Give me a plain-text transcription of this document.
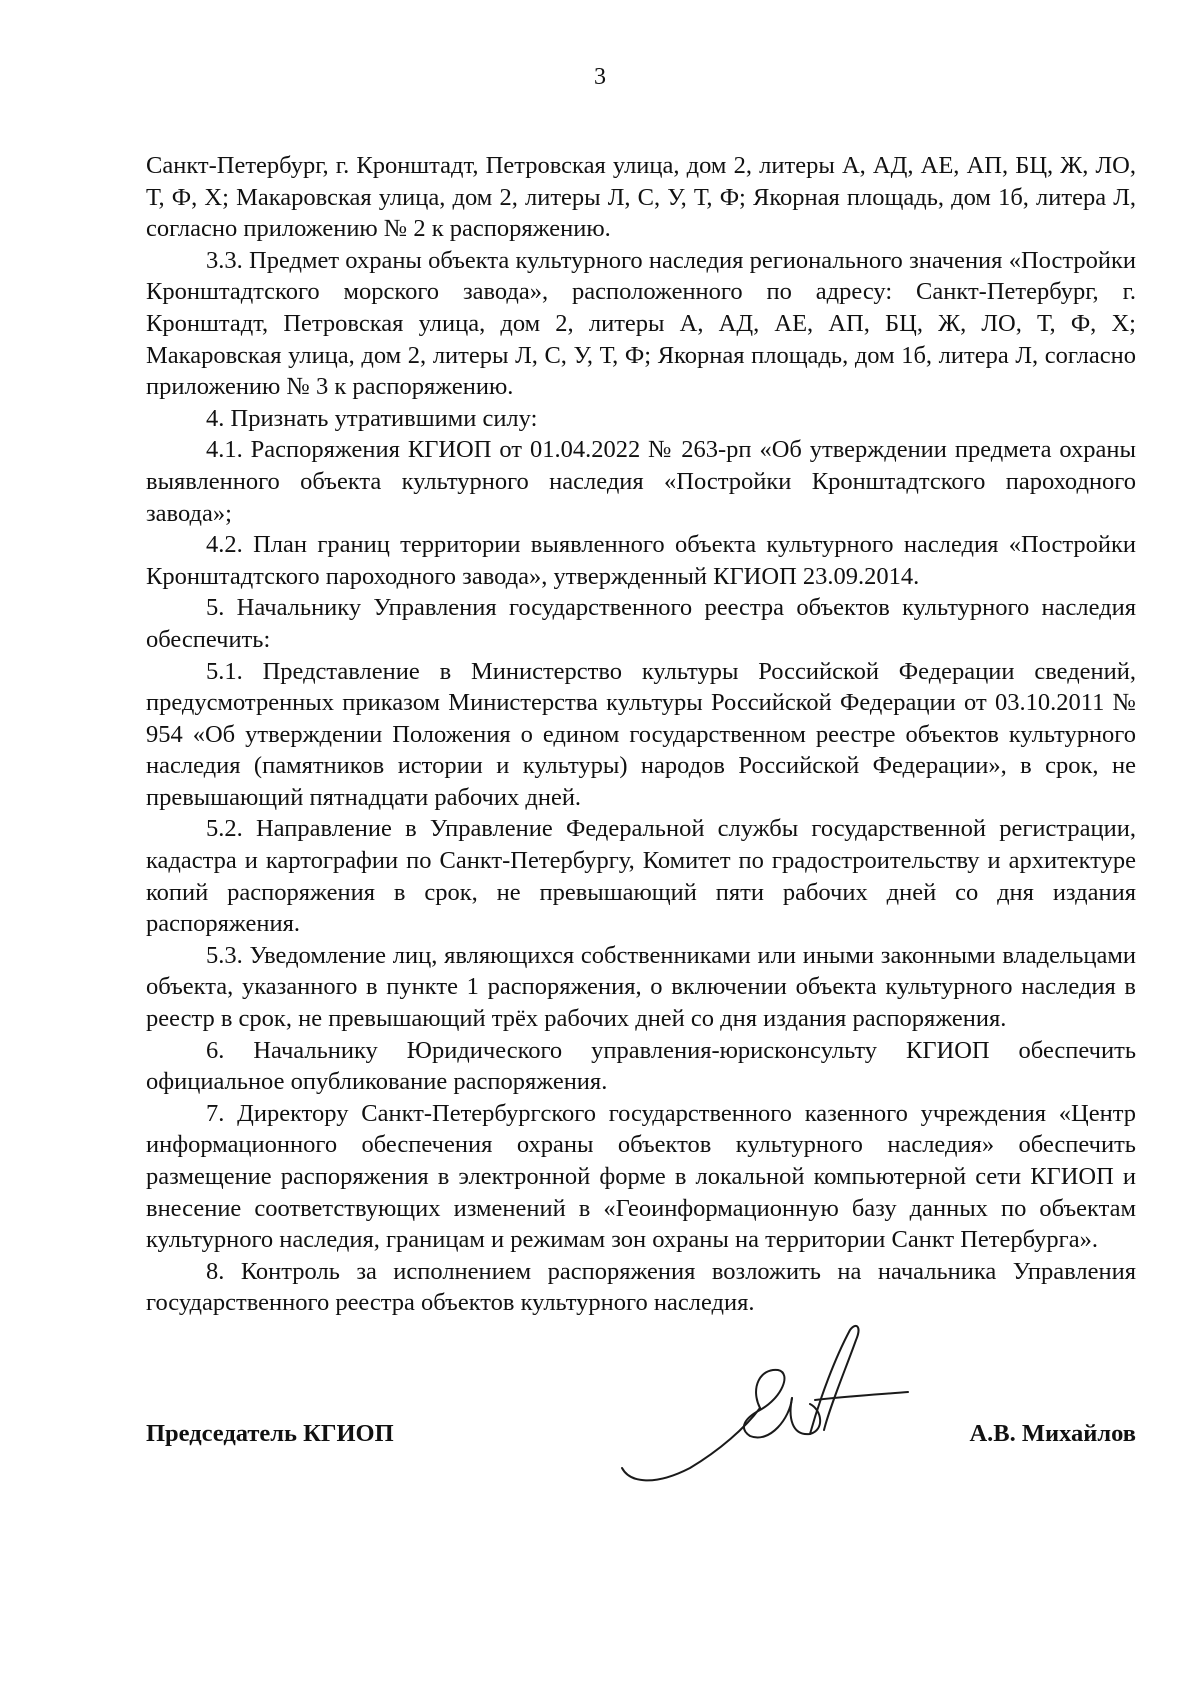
3

Санкт-Петербург, г. Кронштадт, Петровская улица, дом 2, литеры А, АД, АЕ, АП, БЦ, Ж, ЛО, Т, Ф, Х; Макаровская улица, дом 2, литеры Л, С, У, Т, Ф; Якорная площадь, дом 1б, литера Л, согласно приложению № 2 к распоряжению.

3.3. Предмет охраны объекта культурного наследия регионального значения «Постройки Кронштадтского морского завода», расположенного по адресу: Санкт-Петербург, г. Кронштадт, Петровская улица, дом 2, литеры А, АД, АЕ, АП, БЦ, Ж, ЛО, Т, Ф, Х; Макаровская улица, дом 2, литеры Л, С, У, Т, Ф; Якорная площадь, дом 1б, литера Л, согласно приложению № 3 к распоряжению.

4. Признать утратившими силу:

4.1. Распоряжения КГИОП от 01.04.2022 № 263-рп «Об утверждении предмета охраны выявленного объекта культурного наследия «Постройки Кронштадтского пароходного завода»;

4.2. План границ территории выявленного объекта культурного наследия «Постройки Кронштадтского пароходного завода», утвержденный КГИОП 23.09.2014.

5. Начальнику Управления государственного реестра объектов культурного наследия обеспечить:

5.1. Представление в Министерство культуры Российской Федерации сведений, предусмотренных приказом Министерства культуры Российской Федерации от 03.10.2011 № 954 «Об утверждении Положения о едином государственном реестре объектов культурного наследия (памятников истории и культуры) народов Российской Федерации», в срок, не превышающий пятнадцати рабочих дней.

5.2. Направление в Управление Федеральной службы государственной регистрации, кадастра и картографии по Санкт-Петербургу, Комитет по градостроительству и архитектуре копий распоряжения в срок, не превышающий пяти рабочих дней со дня издания распоряжения.

5.3. Уведомление лиц, являющихся собственниками или иными законными владельцами объекта, указанного в пункте 1 распоряжения, о включении объекта культурного наследия в реестр в срок, не превышающий трёх рабочих дней со дня издания распоряжения.

6. Начальнику Юридического управления-юрисконсульту КГИОП обеспечить официальное опубликование распоряжения.

7. Директору Санкт-Петербургского государственного казенного учреждения «Центр информационного обеспечения охраны объектов культурного наследия» обеспечить размещение распоряжения в электронной форме в локальной компьютерной сети КГИОП и внесение соответствующих изменений в «Геоинформационную базу данных по объектам культурного наследия, границам и режимам зон охраны на территории Санкт Петербурга».

8. Контроль за исполнением распоряжения возложить на начальника Управления государственного реестра объектов культурного наследия.

Председатель КГИОП	А.В. Михайлов
